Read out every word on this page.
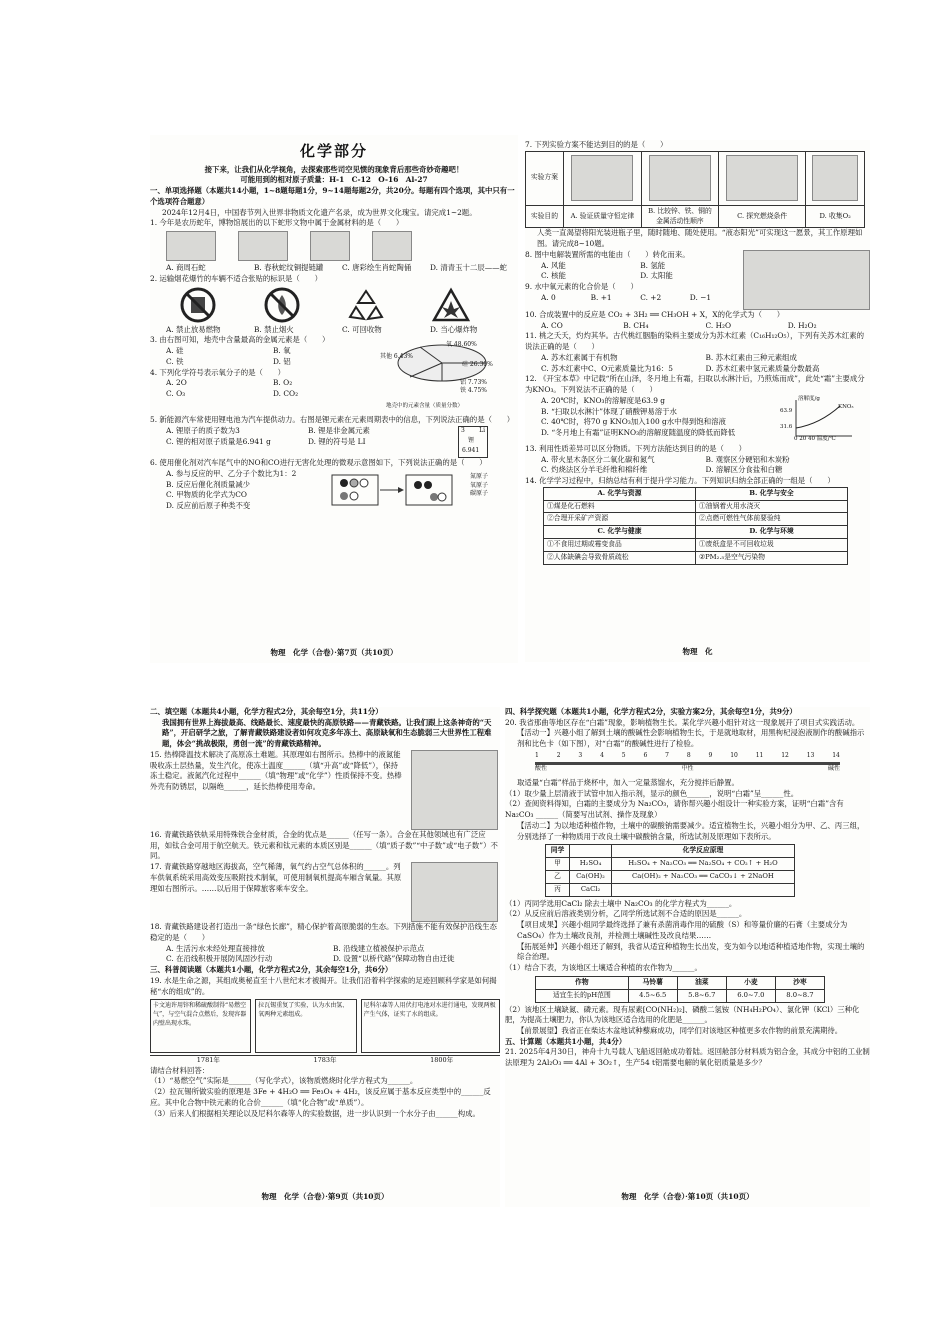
化学部分
接下来，让我们从化学视角，去探索那些司空见惯的现象背后那些奇妙奇趣吧！
可能用到的相对原子质量：H-1　C-12　O-16　Al-27
一、单项选择题（本题共14小题，1~8题每题1分，9~14题每题2分，共20分。每题有四个选项，其中只有一个选项符合题意）
2024年12月4日，中国春节列入世界非物质文化遗产名录，成为世界文化瑰宝。请完成1~2题。
1. 今年是农历蛇年，博物馆展出的以下蛇形文物中属于金属材料的是（　　）
A. 商周石蛇	B. 春秋蛇纹铜提链罐	C. 唐彩绘生肖蛇陶俑	D. 清青玉十二辰——蛇
2. 运输烟花爆竹的车辆不适合张贴的标识是（　　）
A. 禁止放易燃物	B. 禁止烟火	C. 可回收物	D. 当心爆炸物
3. 由右图可知，地壳中含量最高的金属元素是（　　）
A. 硅	B. 氧
C. 铁	D. 铝
4. 下列化学符号表示氧分子的是（　　）
A. 2O	B. O₂
C. O₃	D. CO₂
氧 48.60%
硅 26.30%
铝 7.73%
铁 4.75%
其他 6.43%
地壳中的元素含量（质量分数）
5. 新能源汽车常使用锂电池为汽车提供动力。右图是锂元素在元素周期表中的信息，下列说法正确的是（　　）
A. 锂原子的质子数为3	B. 锂是非金属元素
C. 锂的相对原子质量是6.941 g	D. 锂的符号是 LI
3 Li
锂
6.941
6. 使用催化剂对汽车尾气中的NO和CO进行无害化处理的微观示意图如下，下列说法正确的是（　　）
A. 参与反应的甲、乙分子个数比为1：2
B. 反应后催化剂质量减少
C. 甲物质的化学式为CO
D. 反应前后原子种类不变
氮原子
氧原子
碳原子
物理　化学（合卷）·第7页（共10页）
7. 下列实验方案不能达到目的的是（　　）
实验方案				
实验目的	A. 验证质量守恒定律	B. 比较锌、铁、铜的金属活动性顺序	C. 探究燃烧条件	D. 收集O₂
人类一直渴望将阳光装进瓶子里，随时随地、随处使用。“液态阳光”可实现这一愿景，其工作原理如图。请完成8~10题。
8. 图中电解装置所需的电能由（　　）转化而来。
A. 风能	B. 氢能
C. 核能	D. 太阳能
9. 水中氧元素的化合价是（　　）
A. 0	B. +1	C. +2	D. −1
10. 合成装置中的反应是 CO₂ + 3H₂ ══ CH₃OH + X，X的化学式为（　　）
A. CO	B. CH₄	C. H₂O	D. H₂O₂
11. 桃之夭夭，灼灼其华。古代桃红胭脂的染料主要成分为苏木红素（C₁₆H₁₂O₅），下列有关苏木红素的说法正确的是（　　）
A. 苏木红素属于有机物	B. 苏木红素由三种元素组成
C. 苏木红素中C、O元素质量比为16：5	D. 苏木红素中氢元素质量分数最高
12. 《开宝本草》中记载“所在山泽，冬月地上有霜，扫取以水淋汁后，乃煎炼而成”，此处“霜”主要成分为KNO₃。下列说法不正确的是（　　）
A. 20℃时，KNO₃的溶解度是63.9 g
B. “扫取以水淋汁”体现了硝酸钾易溶于水
C. 40℃时，将70 g KNO₃加入100 g水中得到饱和溶液
D. “冬月地上有霜”证明KNO₃的溶解度随温度的降低而降低
溶解度/g
KNO₃
63.9
31.6
0 20 40 温度/℃
13. 利用性质差异可以区分物质。下列方法能达到目的的是（　　）
A. 带火星木条区分二氧化碳和氮气	B. 观察区分硬铝和木炭粉
C. 灼烧法区分羊毛纤维和棉纤维	D. 溶解区分食盐和白糖
14. 化学学习过程中，归纳总结有利于提升学习能力。下列知识归纳全部正确的一组是（　　）
A. 化学与资源	B. 化学与安全
①煤是化石燃料	①油锅着火用水浇灭
②合理开采矿产资源	②点燃可燃性气体前要验纯
C. 化学与健康	D. 化学与环境
①不食用过期或霉变食品	①废纸盒是不可回收垃圾
②人体缺碘会导致骨质疏松	②PM₂.₅是空气污染物
物理　化
二、填空题（本题共4小题，化学方程式2分，其余每空1分，共11分）
我国拥有世界上海拔最高、线路最长、速度最快的高原铁路——青藏铁路。让我们跟上这条神奇的“天路”，开启研学之旅，了解青藏铁路建设者如何攻克多年冻土、高原缺氧和生态脆弱三大世界性工程难题，体会“挑战极限，勇创一流”的青藏铁路精神。
15. 热棒降温技术解决了高原冻土难题。其原理如右图所示。热棒中的液氮能吸收冻土层热量，发生汽化，使冻土温度______（填“升高”或“降低”），保持冻土稳定。液氮汽化过程中______（填“物理”或“化学”）性质保持不变。热棒外壳有防锈层，以隔绝______，延长热棒使用寿命。
16. 青藏铁路铁轨采用特殊铁合金材质，合金的优点是______（任写一条）。合金在其他领域也有广泛应用，如钛合金可用于航空航天。铁元素和钛元素的本质区别是______（填“质子数”“中子数”或“电子数”）不同。
17. 青藏铁路穿越地区海拔高，空气稀薄，氧气约占空气总体积的______。列车供氧系统采用高效变压吸附技术制氧，可使用制氧机提高车厢含氧量。其原理如右图所示。……以后用于保障旅客乘车安全。
18. 青藏铁路建设者打造出一条“绿色长廊”，精心保护着高原脆弱的生态。下列措施不能有效保护沿线生态稳定的是（　　）
A. 生活污水未经处理直接排放	B. 沿线建立植被保护示范点
C. 在沿线积极开展防风固沙行动	D. 设置“以桥代路”保障动物自由迁徙
三、科普阅读题（本题共1小题，化学方程式2分，其余每空1分，共6分）
19. 水是生命之源，其组成奥秘直至十八世纪末才被揭开。让我们沿着科学探索的足迹回顾科学家是如何揭秘“水的组成”的。
卡文迪许用锌和稀硫酸制得“易燃空气”，与空气混合点燃后，发现容器内壁出现水珠。
拉瓦锡重复了实验，认为水由氢、氧两种元素组成。
尼科尔森等人用伏打电池对水进行通电，发现两极产生气体，证实了水的组成。
1781年	1783年	1800年
请结合材料回答：
（1）“易燃空气”实际是______（写化学式），该物质燃烧时化学方程式为______。
（2）拉瓦锡所做实验的原理是 3Fe + 4H₂O ══ Fe₃O₄ + 4H₂，该反应属于基本反应类型中的______反应。其中化合物中铁元素的化合价______（填“化合物”或“单质”）。
（3）后来人们根据相关理论以及尼科尔森等人的实验数据，进一步认识到一个水分子由______构成。
物理　化学（合卷）·第9页（共10页）
四、科学探究题（本题共1小题，化学方程式2分，实验方案2分，其余每空1分，共9分）
20. 我省那曲等地区存在“白霜”现象，影响植物生长。某化学兴趣小组针对这一现象展开了项目式实践活动。
【活动一】兴趣小组了解到土壤的酸碱性会影响植物生长，于是就地取材，用黑枸杞浸泡液制作的酸碱指示剂和比色卡（如下图），对“白霜”的酸碱性进行了检验。
1	2	3	4	5	6	7	8	9	10	11	12	13	14
酸性	中性	碱性
取适量“白霜”样品于烧杯中，加入一定量蒸馏水，充分搅拌后静置。
（1）取少量上层清液于试管中加入指示剂，显示的颜色______，说明“白霜”呈______性。
（2）查阅资料得知，白霜的主要成分为 Na₂CO₃，请你帮兴趣小组设计一种实验方案，证明“白霜”含有 Na₂CO₃ ______（简要写出试剂、操作及现象）
【活动二】为以地适种植作物，土壤中的碳酸钠需要减少。适宜植物生长，兴趣小组分为甲、乙、丙三组，分别选择了一种物质用于改良土壤中碳酸钠含量，所选试剂及原理如下表所示。
同学		化学反应原理
甲	H₂SO₄	H₂SO₄ + Na₂CO₃ ══ Na₂SO₄ + CO₂↑ + H₂O
乙	Ca(OH)₂	Ca(OH)₂ + Na₂CO₃ ══ CaCO₃↓ + 2NaOH
丙	CaCl₂	
（1）丙同学选用CaCl₂ 除去土壤中 Na₂CO₃ 的化学方程式为______。
（2）从反应前后溶液类别分析，乙同学所选试剂不合适的原因是______。
【项目成果】兴趣小组同学最终选择了兼有杀菌消毒作用的硫酸（S）和等量价廉的石膏（主要成分为CaSO₄）作为土壤改良剂，并检测土壤碱性及改良结果……
【拓展延伸】兴趣小组还了解到，我省从适宜种植物生长出发，变为如今以地适种植适地作物，实现土壤的综合治理。
（1）结合下表，为该地区土壤适合种植的农作物为______。
作物	马铃薯	油菜	小麦	沙枣
适宜生长的pH范围	4.5~6.5	5.8~6.7	6.0~7.0	8.0~8.7
（2）该地区土壤缺氮、磷元素。现有尿素[CO(NH₂)₂]、磷酸二氢铵（NH₄H₂PO₄）、氯化钾（KCl）三种化肥，为提高土壤肥力，你认为该地区适合选用的化肥是______。
【前景展望】我省正在柴达木盆地试种藜麻成功，同学们对该地区种植更多农作物的前景充满期待。
五、计算题（本题共1小题，共4分）
21. 2025年4月30日，神舟十九号载人飞船返回舱成功着陆。返回舱部分材料质为铝合金，其成分中铝的工业制法原理为 2Al₂O₃ ══ 4Al + 3O₂↑，生产54 t铝需要电解的氧化铝质量是多少？
物理　化学（合卷）·第10页（共10页）
